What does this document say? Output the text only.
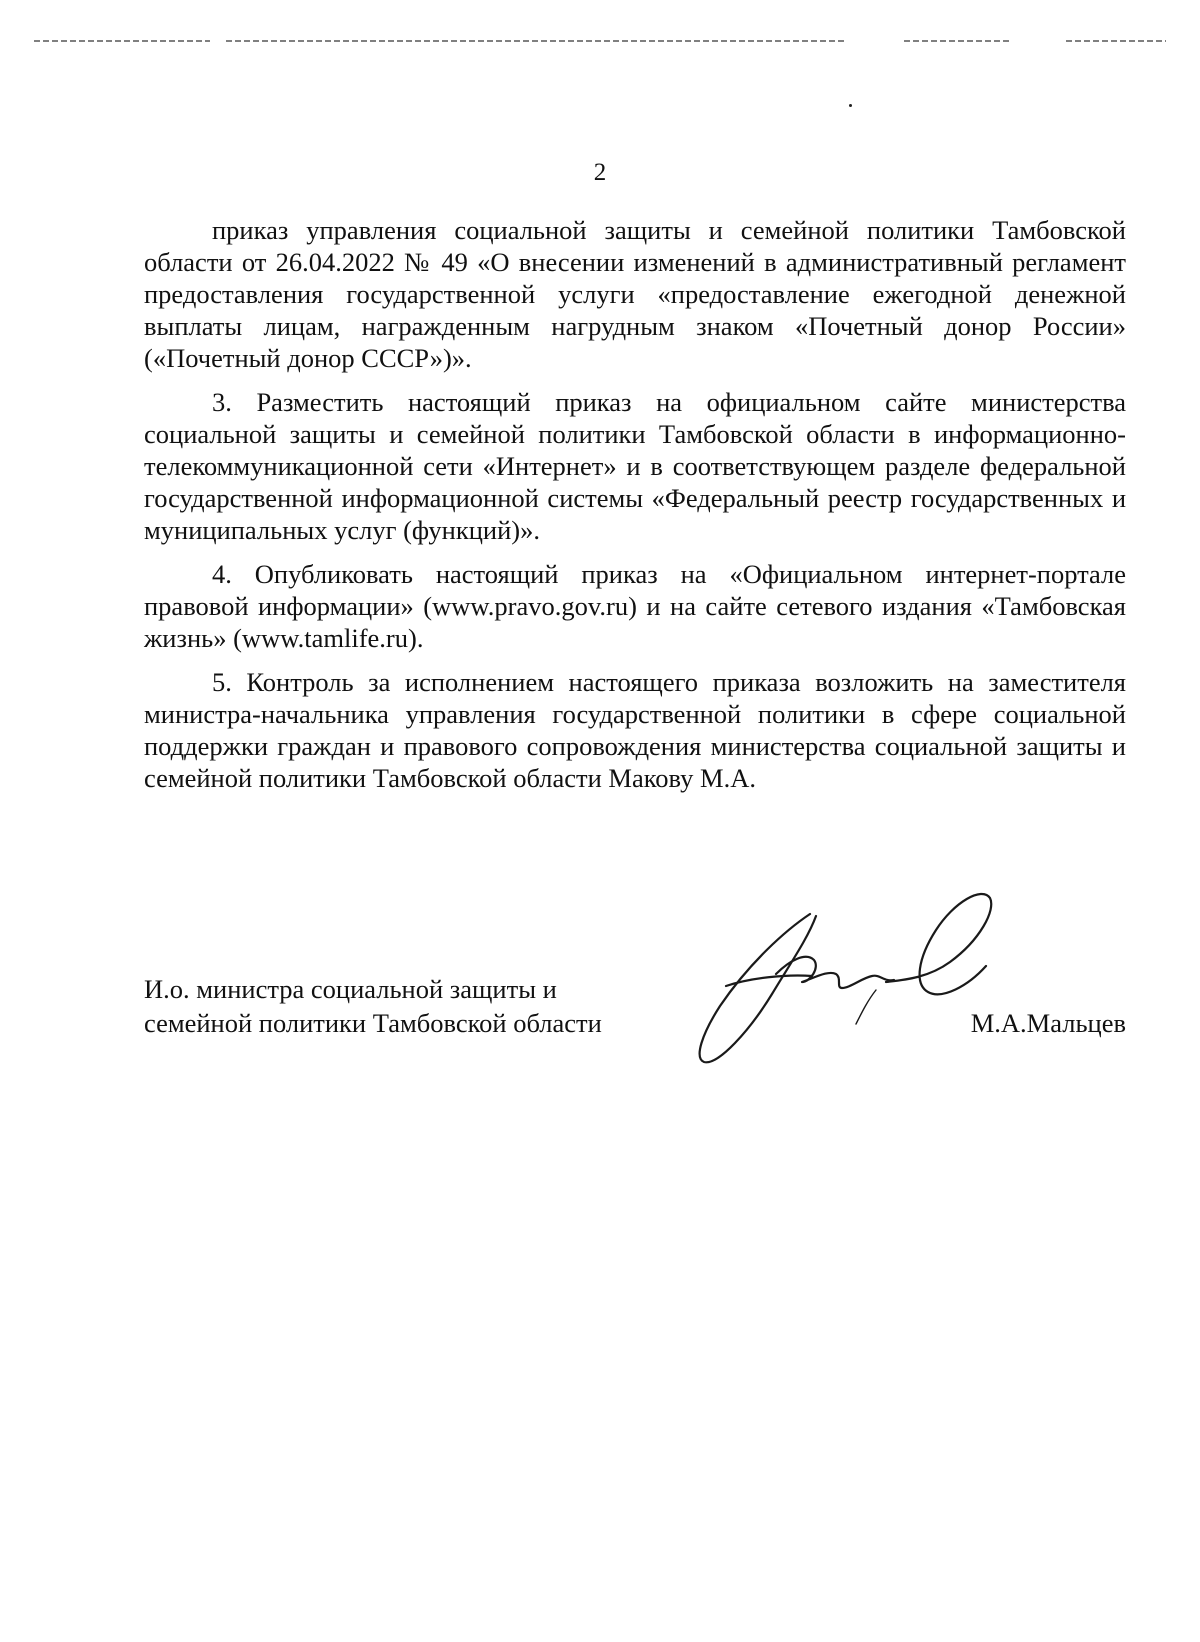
2

приказ управления социальной защиты и семейной политики Тамбовской области от 26.04.2022 № 49 «О внесении изменений в административный регламент предоставления государственной услуги «предоставление ежегодной денежной выплаты лицам, награжденным нагрудным знаком «Почетный донор России» («Почетный донор СССР»)».

3. Разместить настоящий приказ на официальном сайте министерства социальной защиты и семейной политики Тамбовской области в информационно-телекоммуникационной сети «Интернет» и в соответствующем разделе федеральной государственной информационной системы «Федеральный реестр государственных и муниципальных услуг (функций)».

4. Опубликовать настоящий приказ на «Официальном интернет-портале правовой информации» (www.pravo.gov.ru) и на сайте сетевого издания «Тамбовская жизнь» (www.tamlife.ru).

5. Контроль за исполнением настоящего приказа возложить на заместителя министра-начальника управления государственной политики в сфере социальной поддержки граждан и правового сопровождения министерства социальной защиты и семейной политики Тамбовской области Макову М.А.

И.о. министра социальной защиты и
семейной политики Тамбовской области	М.А.Мальцев
